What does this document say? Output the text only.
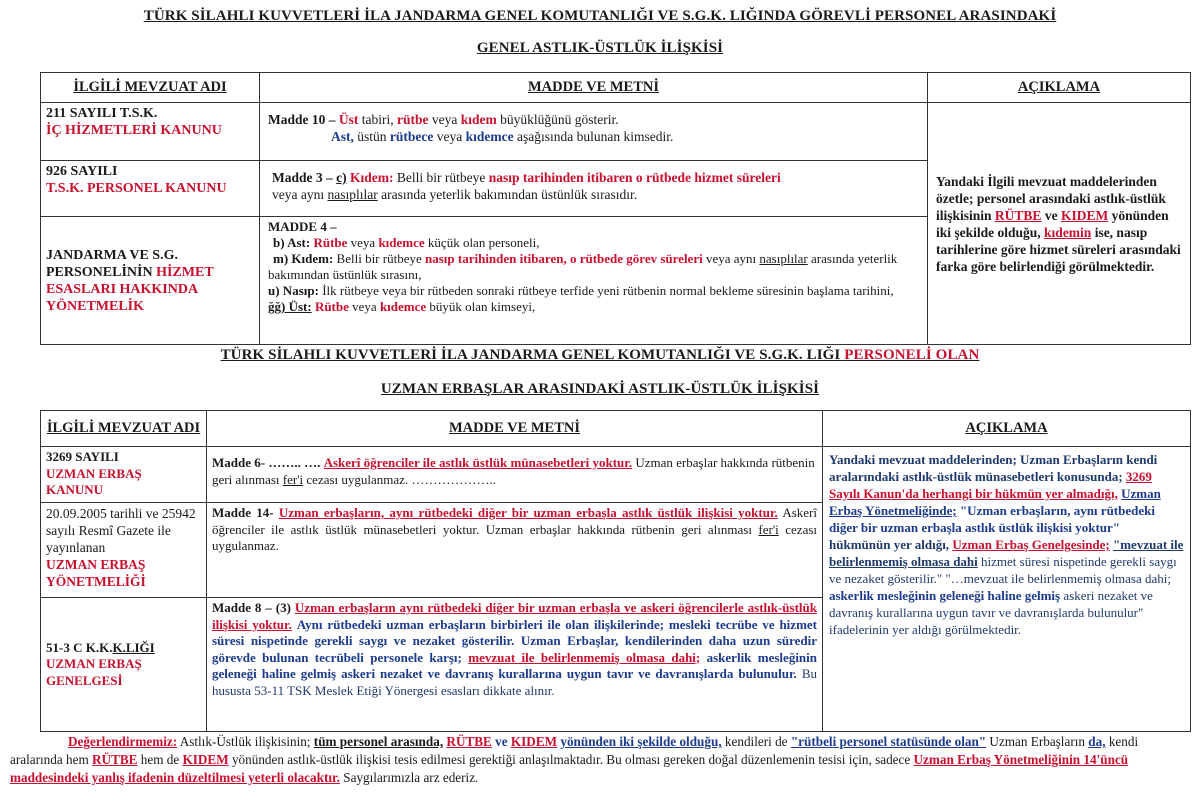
TÜRK SİLAHLI KUVVETLERİ İLA JANDARMA GENEL KOMUTANLIĞI VE S.G.K. LIĞINDA GÖREVLİ PERSONEL ARASINDAKİ
GENEL ASTLIK-ÜSTLÜK İLİŞKİSİ
İLGİLİ MEVZUAT ADI	MADDE VE METNİ	AÇIKLAMA
211 SAYILI T.S.K.
İÇ HİZMETLERİ KANUNU	Madde 10 – Üst tabiri, rütbe veya kıdem büyüklüğünü gösterir.
Ast, üstün rütbece veya kıdemce aşağısında bulunan kimsedir.	Yandaki İlgili mevzuat maddelerinden özetle; personel arasındaki astlık-üstlük ilişkisinin RÜTBE ve KIDEM yönünden iki şekilde olduğu, kıdemin ise, nasıp tarihlerine göre hizmet süreleri arasındaki farka göre belirlendiği görülmektedir.
926 SAYILI
T.S.K. PERSONEL KANUNU	Madde 3 – c) Kıdem: Belli bir rütbeye nasıp tarihinden itibaren o rütbede hizmet süreleri
veya aynı nasıplılar arasında yeterlik bakımından üstünlük sırasıdır.	
JANDARMA VE S.G. PERSONELİNİN HİZMET ESASLARI HAKKINDA YÖNETMELİK	MADDE 4 –
b) Ast: Rütbe veya kıdemce küçük olan personeli,
m) Kıdem: Belli bir rütbeye nasıp tarihinden itibaren, o rütbede görev süreleri veya aynı nasıplılar arasında yeterlik bakımından üstünlük sırasını,
u) Nasıp: İlk rütbeye veya bir rütbeden sonraki rütbeye terfide yeni rütbenin normal bekleme süresinin başlama tarihini,
ğğ) Üst: Rütbe veya kıdemce büyük olan kimseyi,	
TÜRK SİLAHLI KUVVETLERİ İLA JANDARMA GENEL KOMUTANLIĞI VE S.G.K. LIĞI PERSONELİ OLAN
UZMAN ERBAŞLAR ARASINDAKİ ASTLIK-ÜSTLÜK İLİŞKİSİ
İLGİLİ MEVZUAT ADI	MADDE VE METNİ	AÇIKLAMA
3269 SAYILI
UZMAN ERBAŞ KANUNU	Madde 6- …….. …. Askerî öğrenciler ile astlık üstlük münasebetleri yoktur. Uzman erbaşlar hakkında rütbenin geri alınması fer'i cezası uygulanmaz. ………………..	Yandaki mevzuat maddelerinden; Uzman Erbaşların kendi aralarındaki astlık-üstlük münasebetleri konusunda; 3269 Sayılı Kanun'da herhangi bir hükmün yer almadığı, Uzman Erbaş Yönetmeliğinde; "Uzman erbaşların, aynı rütbedeki diğer bir uzman erbaşla astlık üstlük ilişkisi yoktur" hükmünün yer aldığı, Uzman Erbaş Genelgesinde; "mevzuat ile belirlenmemiş olmasa dahi hizmet süresi nispetinde gerekli saygı ve nezaket gösterilir." "…mevzuat ile belirlenmemiş olmasa dahi; askerlik mesleğinin geleneği haline gelmiş askeri nezaket ve davranış kurallarına uygun tavır ve davranışlarda bulunulur" ifadelerinin yer aldığı görülmektedir.
20.09.2005 tarihli ve 25942 sayılı Resmî Gazete ile yayınlanan
UZMAN ERBAŞ YÖNETMELİĞİ	Madde 14- Uzman erbaşların, aynı rütbedeki diğer bir uzman erbaşla astlık üstlük ilişkisi yoktur. Askerî öğrenciler ile astlık üstlük münasebetleri yoktur. Uzman erbaşlar hakkında rütbenin geri alınması fer'i cezası uygulanmaz.	
51-3 C K.K.K.LIĞI
UZMAN ERBAŞ GENELGESİ	Madde 8 – (3) Uzman erbaşların aynı rütbedeki diğer bir uzman erbaşla ve askeri öğrencilerle astlık-üstlük ilişkisi yoktur. Aynı rütbedeki uzman erbaşların birbirleri ile olan ilişkilerinde; mesleki tecrübe ve hizmet süresi nispetinde gerekli saygı ve nezaket gösterilir. Uzman Erbaşlar, kendilerinden daha uzun süredir görevde bulunan tecrübeli personele karşı; mevzuat ile belirlenmemiş olmasa dahi; askerlik mesleğinin geleneği haline gelmiş askeri nezaket ve davranış kurallarına uygun tavır ve davranışlarda bulunulur. Bu hususta 53-11 TSK Meslek Etiği Yönergesi esasları dikkate alınır.	
Değerlendirmemiz: Astlık-Üstlük ilişkisinin; tüm personel arasında, RÜTBE ve KIDEM yönünden iki şekilde olduğu, kendileri de "rütbeli personel statüsünde olan" Uzman Erbaşların da, kendi aralarında hem RÜTBE hem de KIDEM yönünden astlık-üstlük ilişkisi tesis edilmesi gerektiği anlaşılmaktadır. Bu olması gereken doğal düzenlemenin tesisi için, sadece Uzman Erbaş Yönetmeliğinin 14'üncü maddesindeki yanlış ifadenin düzeltilmesi yeterli olacaktır. Saygılarımızla arz ederiz.
